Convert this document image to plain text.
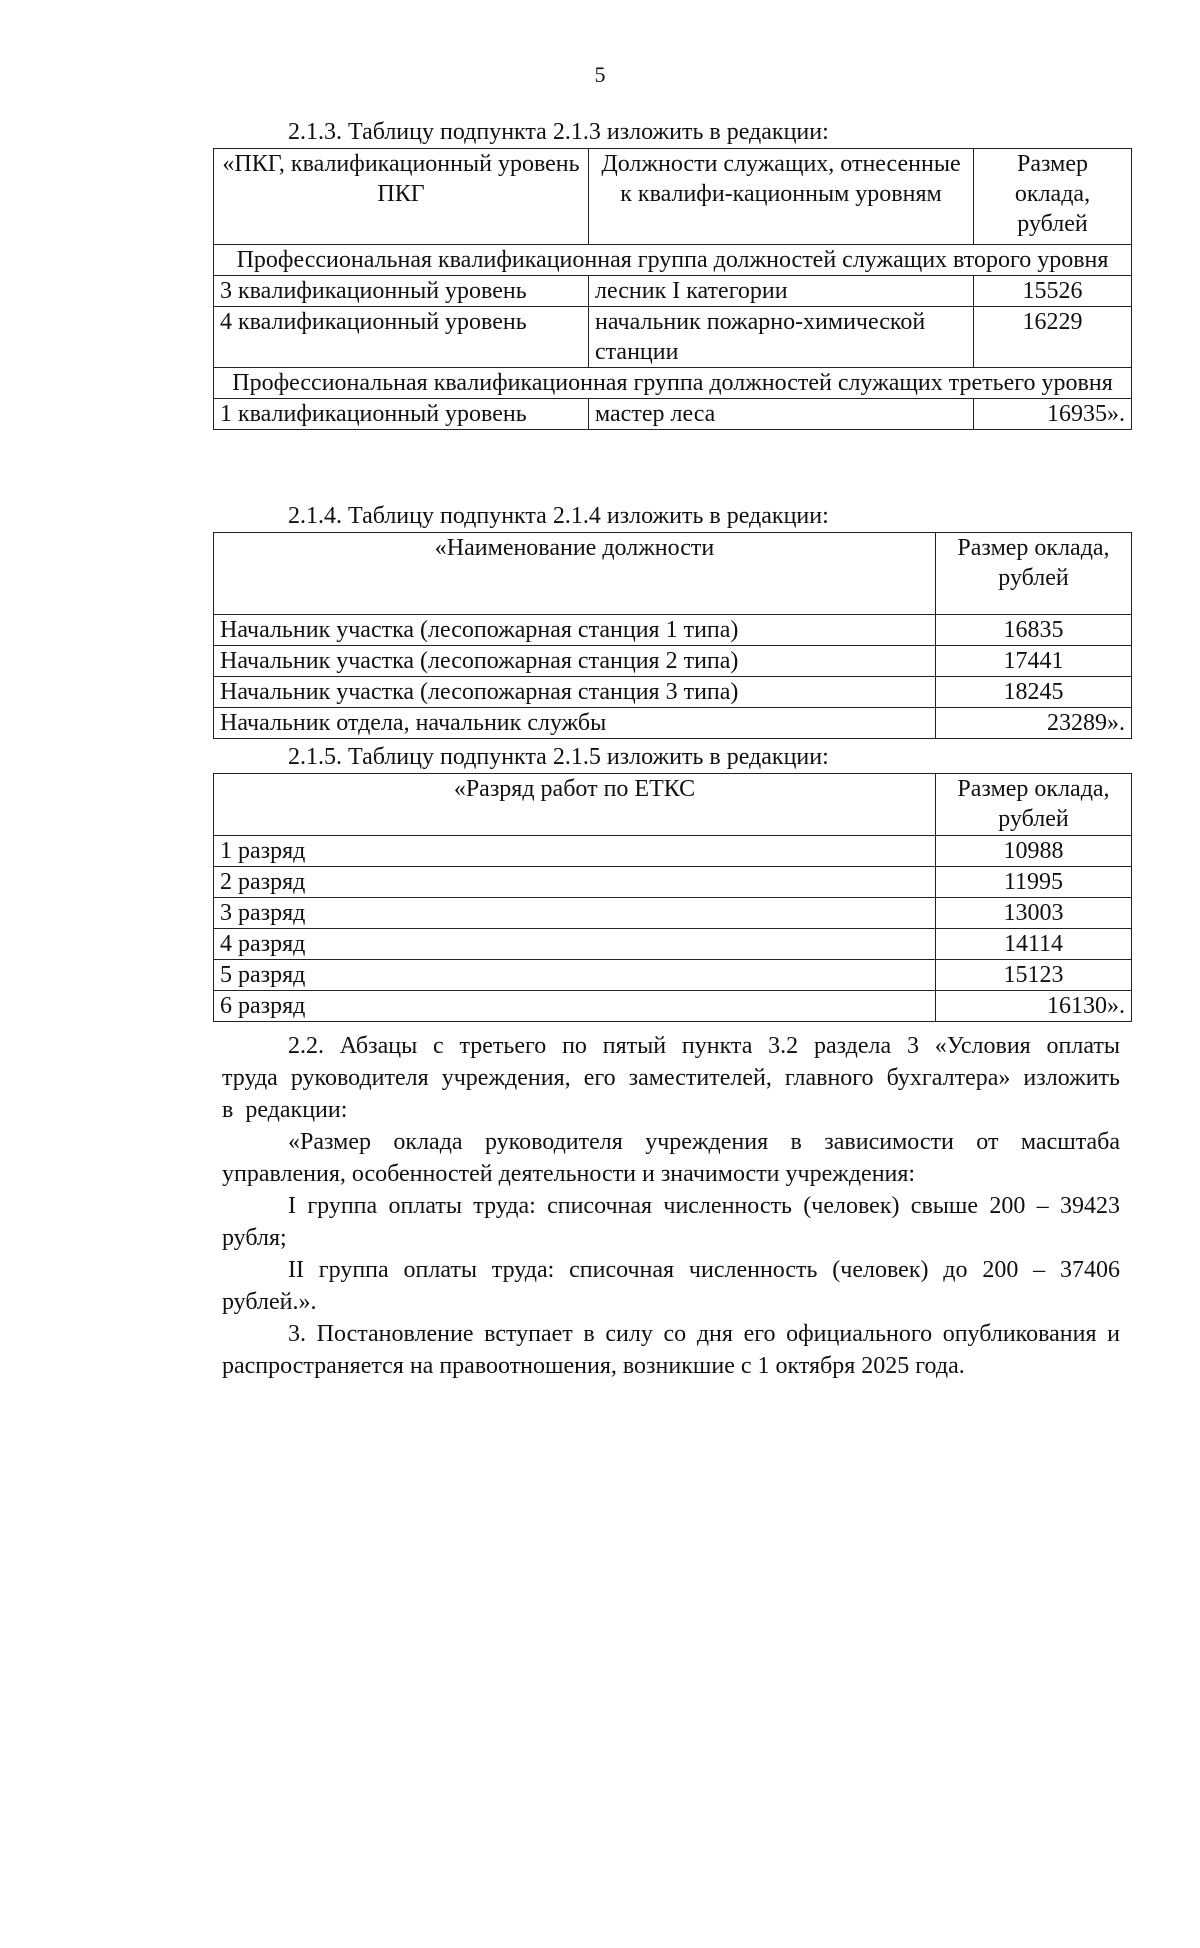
5
2.1.3. Таблицу подпункта 2.1.3 изложить в редакции:
«ПКГ, квалификационный уровень ПКГ	Должности служащих, отнесенные к квалифи-кационным уровням	Размер оклада, рублей
Профессиональная квалификационная группа должностей служащих второго уровня		
3 квалификационный уровень	лесник I категории	15526
4 квалификационный уровень	начальник пожарно-химической станции	16229
Профессиональная квалификационная группа должностей служащих третьего уровня		
1 квалификационный уровень	мастер леса	16935».
2.1.4. Таблицу подпункта 2.1.4 изложить в редакции:
«Наименование должности	Размер оклада, рублей
Начальник участка (лесопожарная станция 1 типа)	16835
Начальник участка (лесопожарная станция 2 типа)	17441
Начальник участка (лесопожарная станция 3 типа)	18245
Начальник отдела, начальник службы	23289».
2.1.5. Таблицу подпункта 2.1.5 изложить в редакции:
«Разряд работ по ЕТКС	Размер оклада, рублей
1 разряд	10988
2 разряд	11995
3 разряд	13003
4 разряд	14114
5 разряд	15123
6 разряд	16130».

2.2. Абзацы с третьего по пятый пункта 3.2 раздела 3 «Условия оплаты труда руководителя учреждения, его заместителей, главного бухгалтера» изложить в редакции:

«Размер оклада руководителя учреждения в зависимости от масштаба управления, особенностей деятельности и значимости учреждения:

I группа оплаты труда: списочная численность (человек) свыше 200 – 39423 рубля;

II группа оплаты труда: списочная численность (человек) до 200 – 37406 рублей.».

3. Постановление вступает в силу со дня его официального опубликования и распространяется на правоотношения, возникшие с 1 октября 2025 года.
